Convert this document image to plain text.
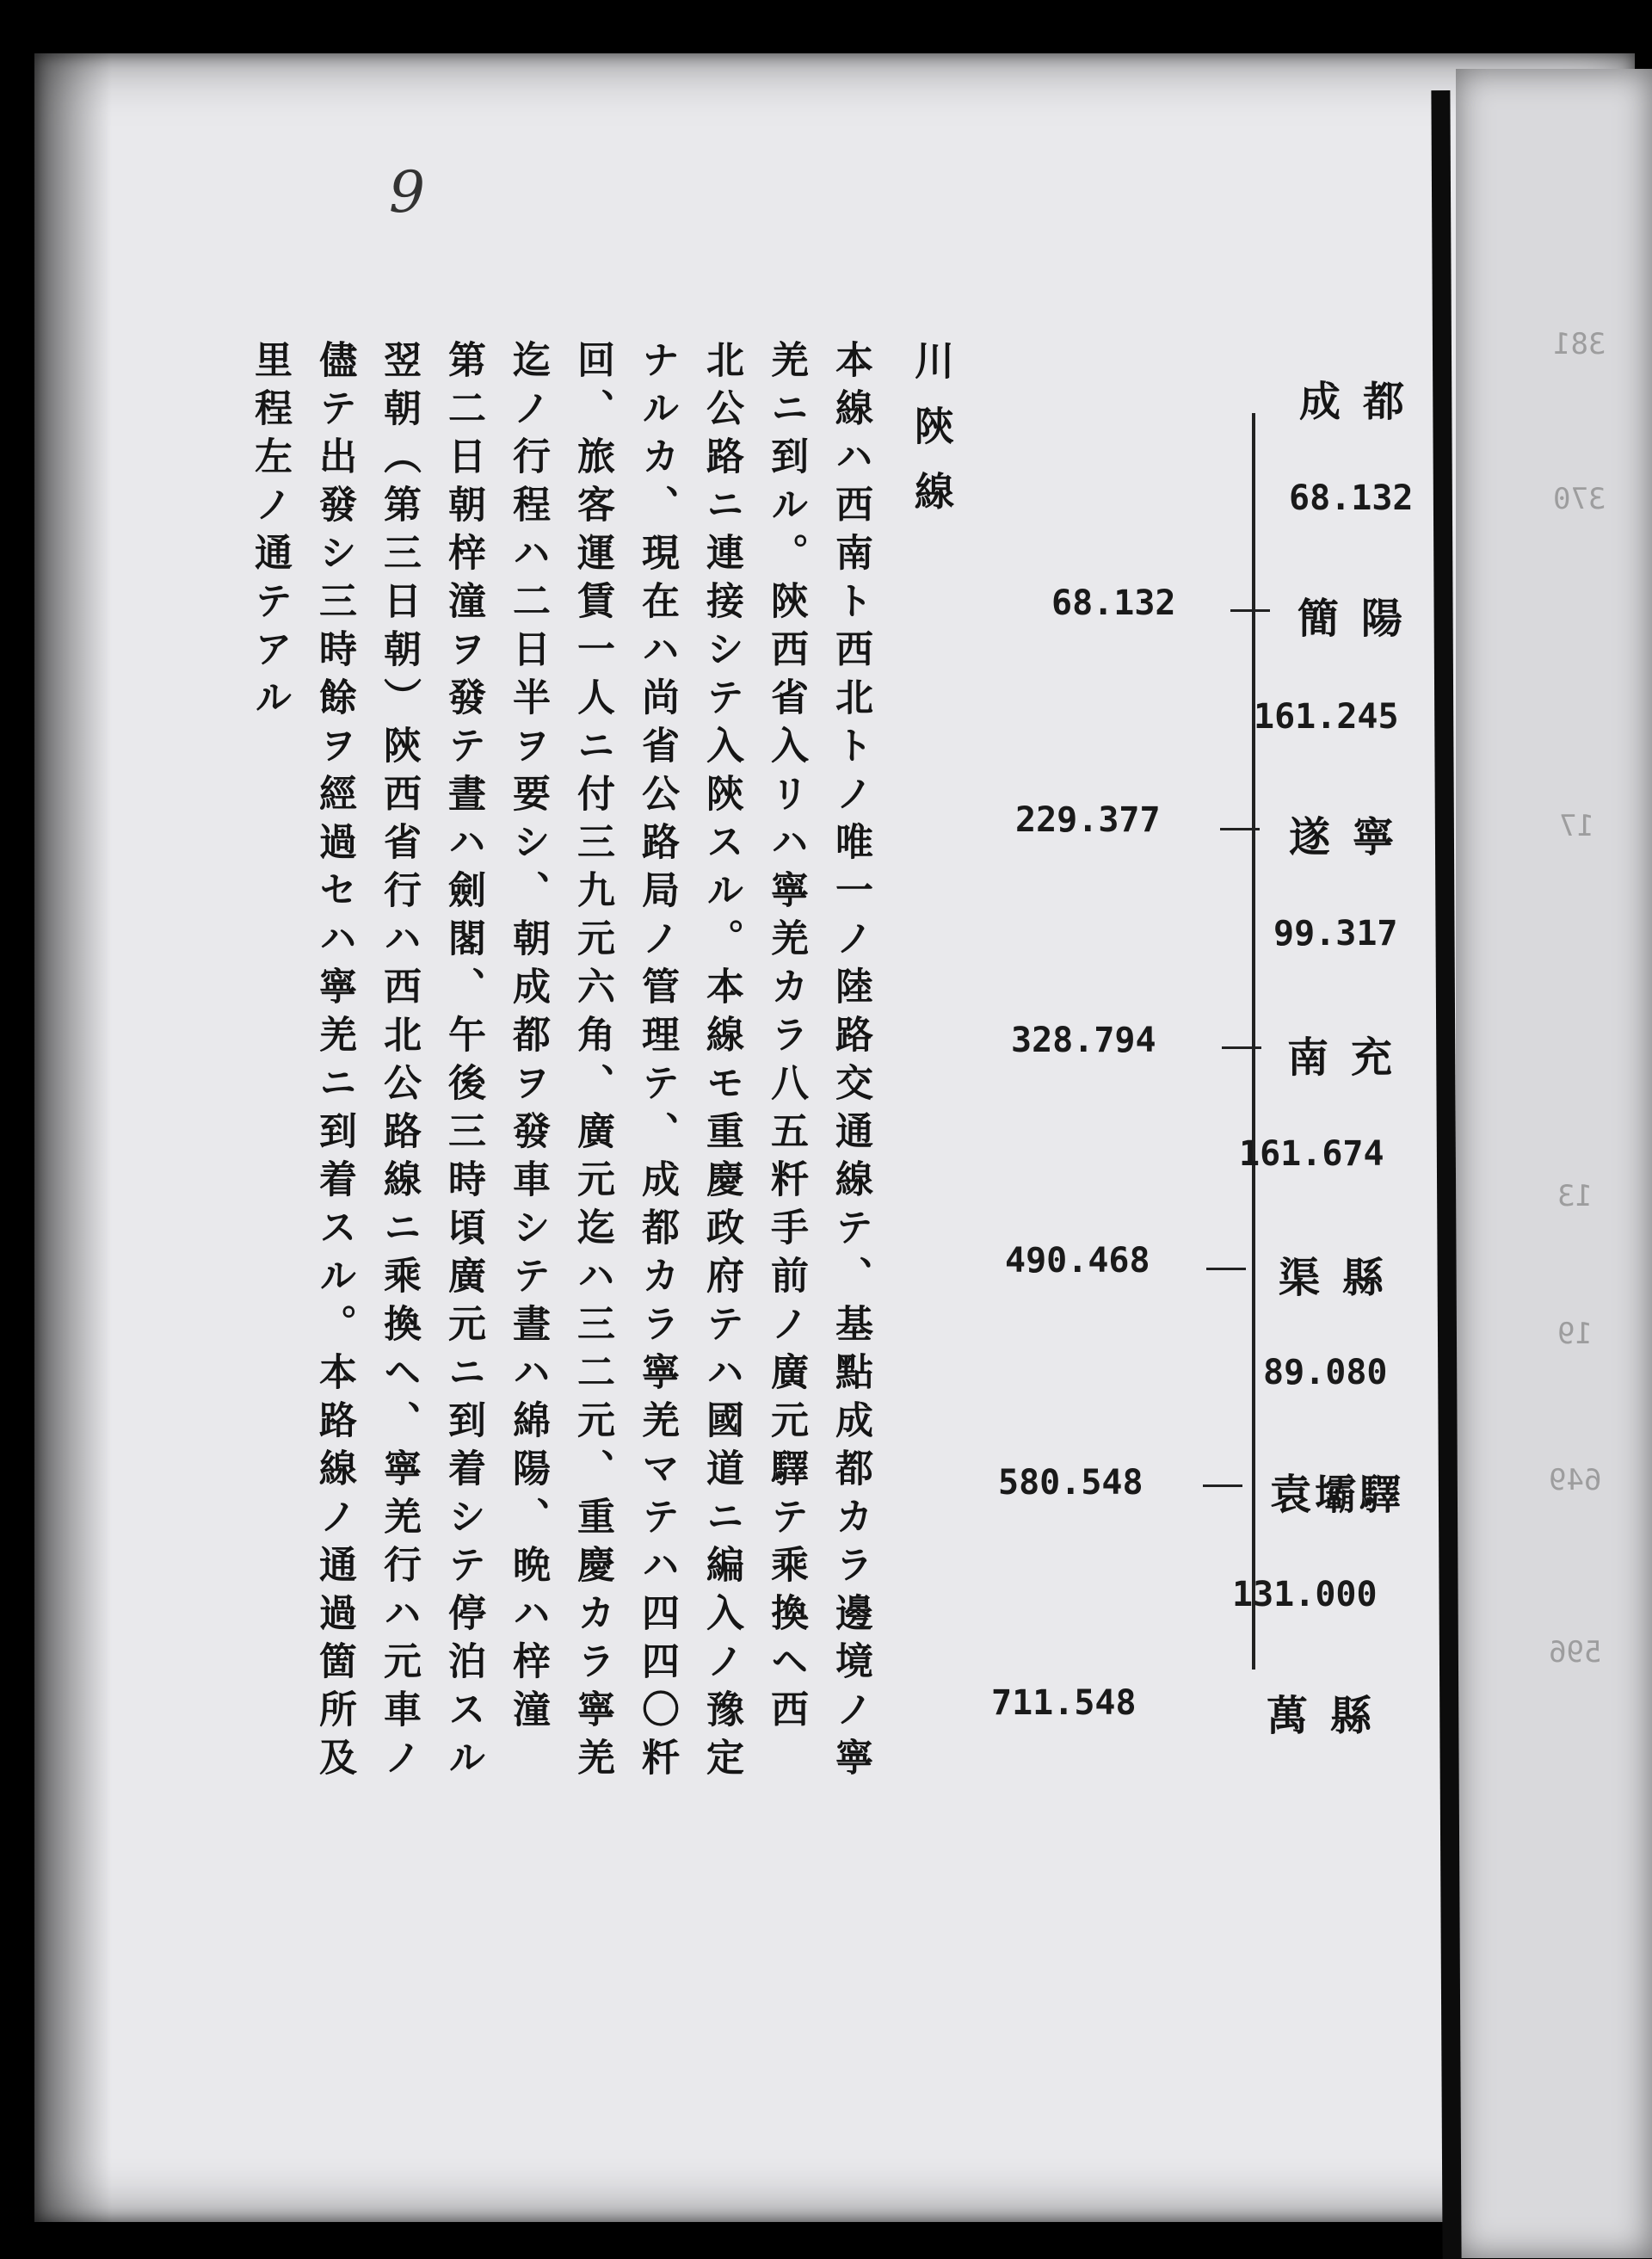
381
370
17
13
19
649
596
9
川陝線
本線ハ西南ト西北トノ唯一ノ陸路交通線テ、基點成都カラ邊境ノ寧
羌ニ到ル。陝西省入リハ寧羌カラ八五粁手前ノ廣元驛テ乘換ヘ西
北公路ニ連接シテ入陝スル。本線モ重慶政府テハ國道ニ編入ノ豫定
ナルカ、現在ハ尚省公路局ノ管理テ、成都カラ寧羌マテハ四四〇粁
回、旅客運賃一人ニ付三九元六角、廣元迄ハ三二元、重慶カラ寧羌
迄ノ行程ハ二日半ヲ要シ、朝成都ヲ發車シテ晝ハ綿陽、晩ハ梓潼
第二日朝梓潼ヲ發テ晝ハ劍閣、午後三時頃廣元ニ到着シテ停泊スル
翌朝（第三日朝）陝西省行ハ西北公路線ニ乘換ヘ、寧羌行ハ元車ノ
儘テ出發シ三時餘ヲ經過セハ寧羌ニ到着スル。本路線ノ通過箇所及
里程左ノ通テアル	成都
簡陽
遂寧
南充
渠縣
袁壩驛
萬縣
68.132
161.245
99.317
161.674
89.080
131.000
68.132
229.377
328.794
490.468
580.548
711.548
